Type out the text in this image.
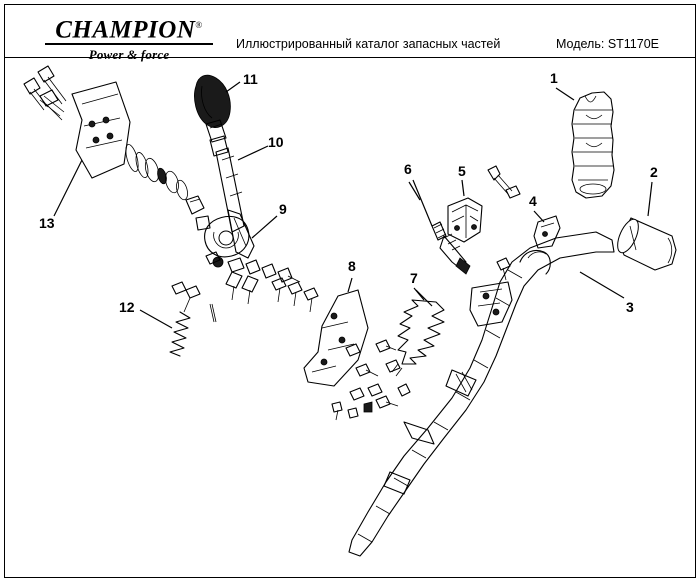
CHAMPION®
Power & force
Иллюстрированный каталог запасных частей	Модель: ST1170E
1
2
3
4
5
6
7
8
9
10
11
12
13
